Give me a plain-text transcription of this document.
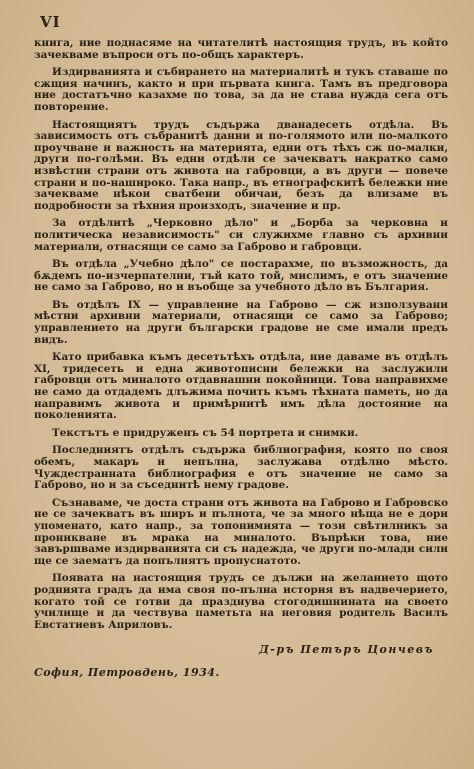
VI

книга, ние поднасяме на читателитѣ настоящия трудъ, въ който зачекваме въпроси отъ по-общъ характеръ.

Издирванията и събирането на материалитѣ и тукъ ставаше по сжщия начинъ, както и при първата книга. Тамъ въ предговора ние достатъчно казахме по това, за да не става нужда сега отъ повторение.

Настоящиятъ трудъ съдържа дванадесеть отдѣла. Въ зависимость отъ събранитѣ данни и по-голямото или по-малкото проучване и важность на материята, едни отъ тѣхъ сж по-малки, други по-голѣми. Въ едни отдѣли се зачекватъ накратко само извѣстни страни отъ живота на габровци, а въ други — повече страни и по-нашироко. Така напр., въ етнографскитѣ бележки ние зачекваме нѣкои сватбени обичаи, безъ да влизаме въ подробности за тѣхния произходъ, значение и пр.

За отдѣлитѣ „Черковно дѣло" и „Борба за черковна и политическа независимость" си служихме главно съ архивни материали, отнасящи се само за Габрово и габровци.

Въ отдѣла „Учебно дѣло" се постарахме, по възможность, да бѫдемъ по-изчерпателни, тъй като той, мислимъ, е отъ значение не само за Габрово, но и въобще за учебното дѣло въ България.

Въ отдѣлъ IX — управление на Габрово — сж използувани мѣстни архивни материали, отнасящи се само за Габрово; управлението на други български градове не сме имали предъ видъ.

Като прибавка къмъ десетьтѣхъ отдѣла, ние даваме въ отдѣлъ XI, тридесеть и една животописни бележки на заслужили габровци отъ миналото отдавнашни покойници. Това направихме не само да отдадемъ длъжима почить къмъ тѣхната паметь, но да направимъ живота и примѣрнитѣ имъ дѣла достояние на поколенията.

Текстътъ е придруженъ съ 54 портрета и снимки.

Последниятъ отдѣлъ съдържа библиография, която по своя обемъ, макаръ и непълна, заслужава отдѣлно мѣсто. Чуждестранната библиография е отъ значение не само за Габрово, но и за съседнитѣ нему градове.

Съзнаваме, че доста страни отъ живота на Габрово и Габровско не се зачекватъ въ ширъ и пълнота, че за много нѣща не е дори упоменато, като напр., за топонимията — този свѣтилникъ за проникване въ мрака на миналото. Въпрѣки това, ние завършваме издирванията си съ надежда, че други по-млади сили ще се заематъ да попълнятъ пропуснатото.

Появата на настоящия трудъ се дължи на желанието щото роднията градъ да има своя по-пълна история въ надвечерието, когато той се готви да празднува стогодишнината на своето училище и да чествува паметьта на неговия родитель Василъ Евстатиевъ Априловъ.

Д-ръ Петъръ Цончевъ
София, Петровдень, 1934.
